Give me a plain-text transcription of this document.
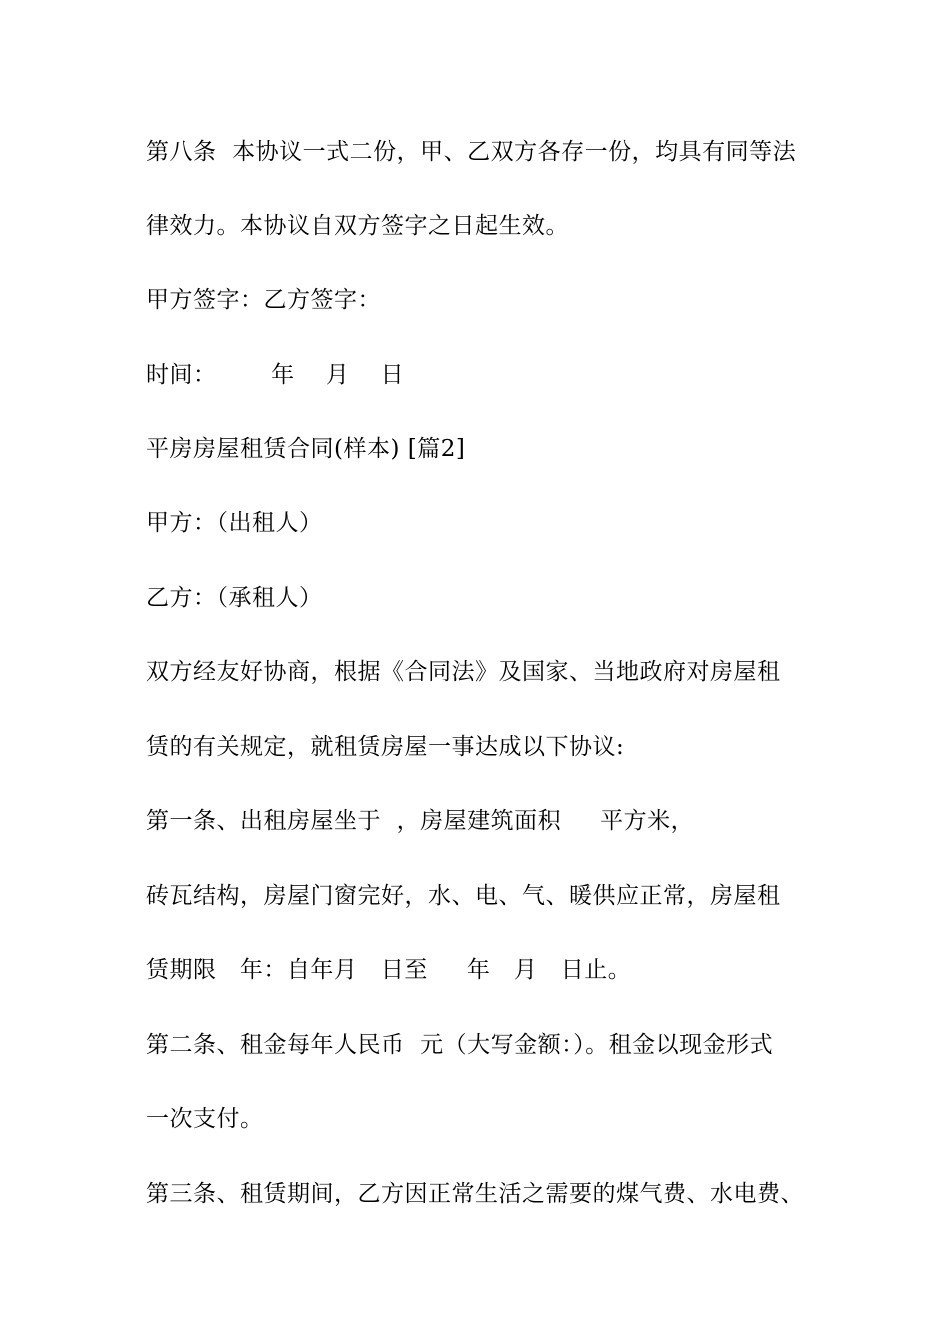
第八条  本协议一式二份，甲、乙双方各存一份，均具有同等法
律效力。本协议自双方签字之日起生效。
甲方签字：乙方签字：
时间：       年    月    日
平房房屋租赁合同(样本) [篇2]
甲方：（出租人）
乙方：（承租人）
双方经友好协商，根据《合同法》及国家、当地政府对房屋租
赁的有关规定，就租赁房屋一事达成以下协议:
第一条、出租房屋坐于  ，房屋建筑面积     平方米，
砖瓦结构，房屋门窗完好，水、电、气、暖供应正常，房屋租
赁期限   年：自年月   日至     年   月   日止。
第二条、租金每年人民币  元（大写金额：）。租金以现金形式
一次支付。
第三条、租赁期间，乙方因正常生活之需要的煤气费、水电费、
